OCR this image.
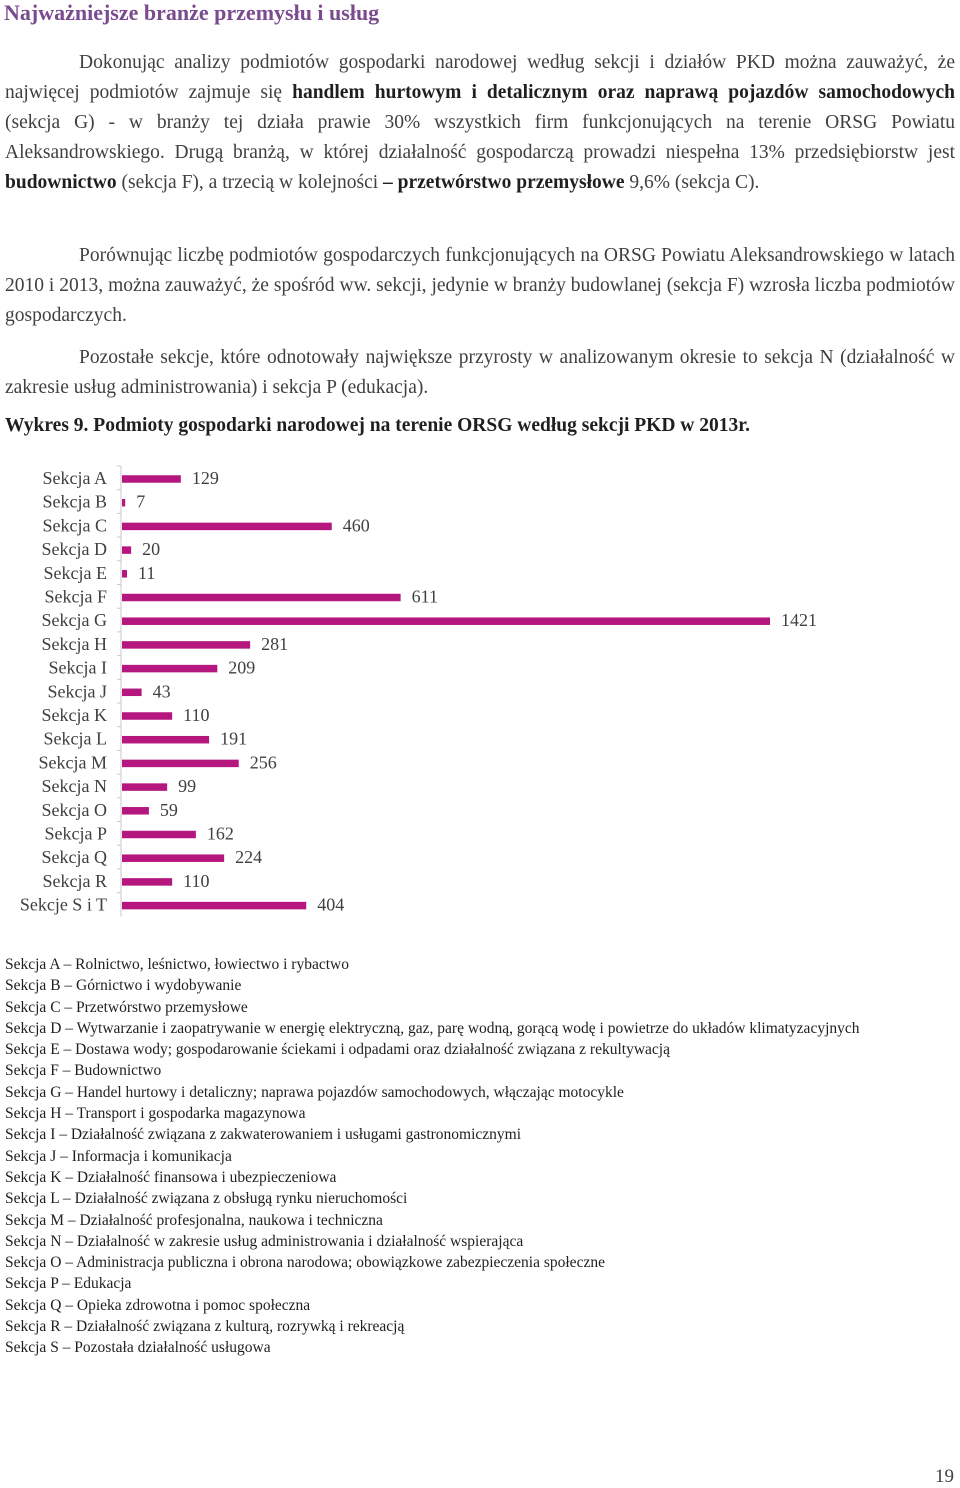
Najważniejsze branże przemysłu i usług

Dokonując analizy podmiotów gospodarki narodowej według sekcji i działów PKD można zauważyć, że najwięcej podmiotów zajmuje się handlem hurtowym i detalicznym oraz naprawą pojazdów samochodowych (sekcja G) - w branży tej działa prawie 30% wszystkich firm funkcjonujących na terenie ORSG Powiatu Aleksandrowskiego. Drugą branżą, w której działalność gospodarczą prowadzi niespełna 13% przedsiębiorstw jest budownictwo (sekcja F), a trzecią w kolejności – przetwórstwo przemysłowe 9,6% (sekcja C).

Porównując liczbę podmiotów gospodarczych funkcjonujących na ORSG Powiatu Aleksandrowskiego w latach 2010 i 2013, można zauważyć, że spośród ww. sekcji, jedynie w branży budowlanej (sekcja F) wzrosła liczba podmiotów gospodarczych.

Pozostałe sekcje, które odnotowały największe przyrosty w analizowanym okresie to sekcja N (działalność w zakresie usług administrowania) i sekcja P (edukacja).

Wykres 9. Podmioty gospodarki narodowej na terenie ORSG według sekcji PKD w 2013r.
Sekcja A	129
Sekcja B 7
Sekcja C	460
Sekcja D 20
Sekcja E 11
Sekcja F	611
Sekcja G	1421
Sekcja H	281
Sekcja I	209
Sekcja J	43
Sekcja K	110
Sekcja L	191
Sekcja M	256
Sekcja N	99
Sekcja O	59
Sekcja P	162
Sekcja Q	224
Sekcja R	110
Sekcje S i T	404
Sekcja A – Rolnictwo, leśnictwo, łowiectwo i rybactwo
Sekcja B – Górnictwo i wydobywanie
Sekcja C – Przetwórstwo przemysłowe
Sekcja D – Wytwarzanie i zaopatrywanie w energię elektryczną, gaz, parę wodną, gorącą wodę i powietrze do układów klimatyzacyjnych
Sekcja E – Dostawa wody; gospodarowanie ściekami i odpadami oraz działalność związana z rekultywacją
Sekcja F – Budownictwo
Sekcja G – Handel hurtowy i detaliczny; naprawa pojazdów samochodowych, włączając motocykle
Sekcja H – Transport i gospodarka magazynowa
Sekcja I – Działalność związana z zakwaterowaniem i usługami gastronomicznymi
Sekcja J – Informacja i komunikacja
Sekcja K – Działalność finansowa i ubezpieczeniowa
Sekcja L – Działalność związana z obsługą rynku nieruchomości
Sekcja M – Działalność profesjonalna, naukowa i techniczna
Sekcja N – Działalność w zakresie usług administrowania i działalność wspierająca
Sekcja O – Administracja publiczna i obrona narodowa; obowiązkowe zabezpieczenia społeczne
Sekcja P – Edukacja
Sekcja Q – Opieka zdrowotna i pomoc społeczna
Sekcja R – Działalność związana z kulturą, rozrywką i rekreacją
Sekcja S – Pozostała działalność usługowa
19
